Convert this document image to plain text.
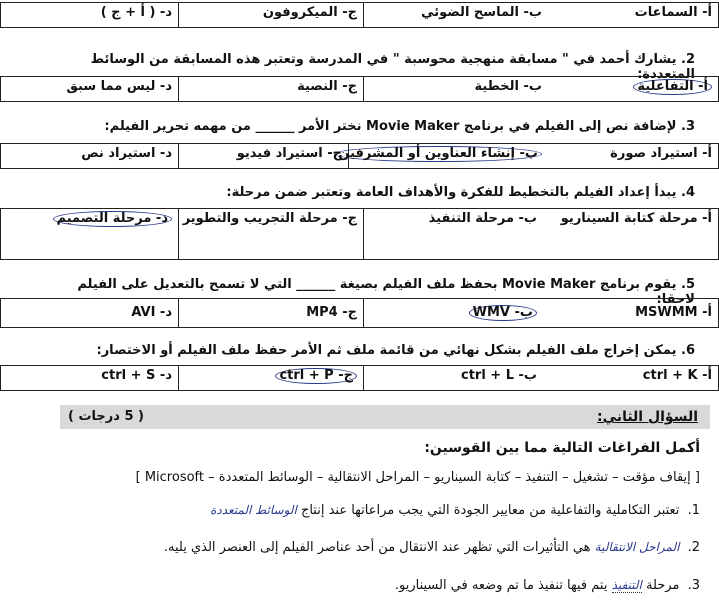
أ- السماعات
ب- الماسح الضوئي
ج- الميكروفون
د- ( أ + ج )
2. يشارك أحمد في " مسابقة منهجية محوسبة " في المدرسة وتعتبر هذه المسابقة من الوسائط المتعددة:
أ- التفاعلية
ب- الخطية
ج- النصية
د- ليس مما سبق
3. لإضافة نص إلى الفيلم في برنامج Movie Maker نختر الأمر ______ من مهمه تحرير الفيلم:
أ- استيراد صورة
ب- إنشاء العناوين أو المشرفين
ج- استيراد فيديو
د- استيراد نص
4. يبدأ إعداد الفيلم بالتخطيط للفكرة والأهداف العامة وتعتبر ضمن مرحلة:
أ- مرحلة كتابة السيناريو
ب- مرحلة التنفيذ
ج- مرحلة التجريب والتطوير
د- مرحلة التصميم
5. يقوم برنامج Movie Maker بحفظ ملف الفيلم بصيغة ______ التي لا تسمح بالتعديل على الفيلم لاحقا:
أ- MSWMM
ب- WMV
ج- MP4
د- AVI
6. يمكن إخراج ملف الفيلم بشكل نهائي من قائمة ملف ثم الأمر حفظ ملف الفيلم أو الاختصار:
أ- ctrl + K
ب- ctrl + L
ج- ctrl + P
د- ctrl + S
السؤال الثاني:
( 5 درجات )
أكمل الفراغات التالية مما بين القوسين:
[ إيقاف مؤقت – تشغيل – التنفيذ – كتابة السيناريو – المراحل الانتقالية – الوسائط المتعددة – Microsoft ]
1. تعتبر التكاملية والتفاعلية من معايير الجودة التي يجب مراعاتها عند إنتاج الوسائط المتعددة
2. المراحل الانتقالية هي التأثيرات التي تظهر عند الانتقال من أحد عناصر الفيلم إلى العنصر الذي يليه.
3. مرحلة التنفيذ يتم فيها تنفيذ ما تم وضعه في السيناريو.
